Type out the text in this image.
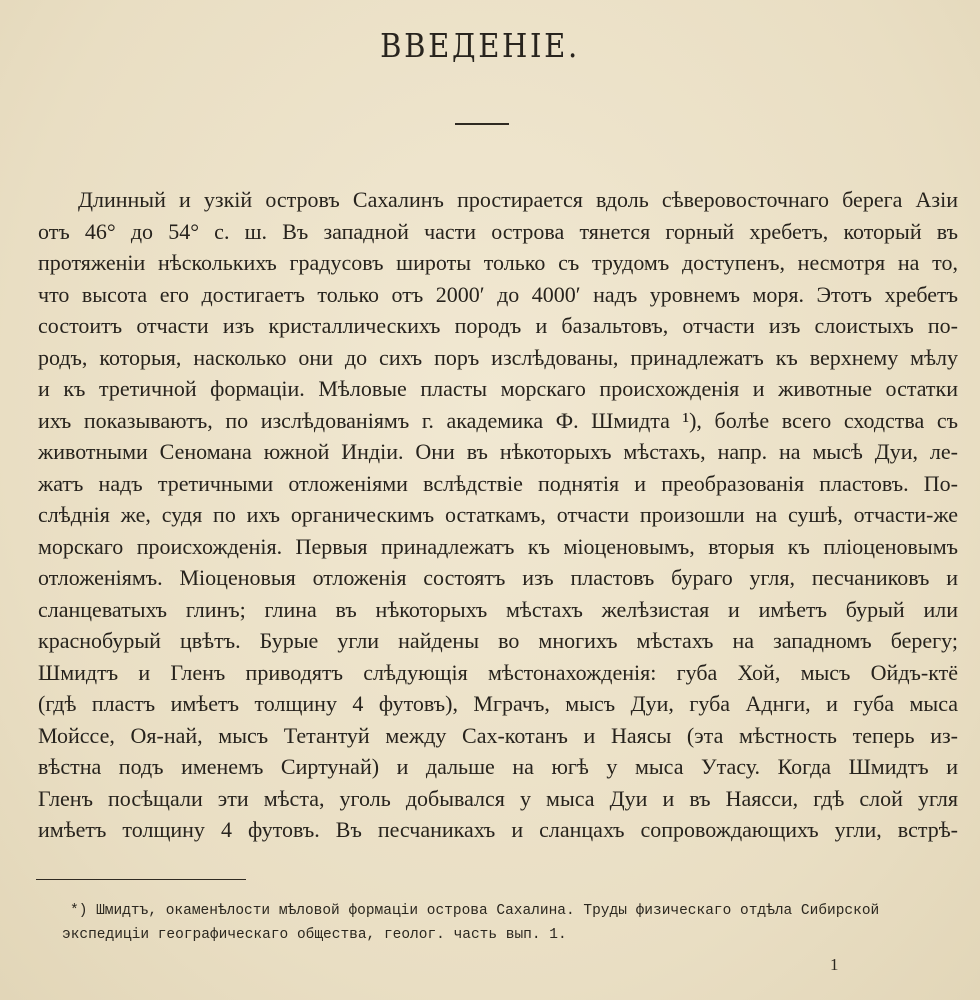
ВВЕДЕНІЕ.
Длинный и узкій островъ Сахалинъ простирается вдоль сѣверовосточнаго берега Азіи
отъ 46° до 54° с. ш. Въ западной части острова тянется горный хребетъ, который въ
протяженіи нѣсколькихъ градусовъ широты только съ трудомъ доступенъ, несмотря на то,
что высота его достигаетъ только отъ 2000′ до 4000′ надъ уровнемъ моря. Этотъ хребетъ
состоитъ отчасти изъ кристаллическихъ породъ и базальтовъ, отчасти изъ слоистыхъ по-
родъ, которыя, насколько они до сихъ поръ изслѣдованы, принадлежатъ къ верхнему мѣлу
и къ третичной формаціи. Мѣловые пласты морскаго происхожденія и животные остатки
ихъ показываютъ, по изслѣдованіямъ г. академика Ф. Шмидта ¹), болѣе всего сходства съ
животными Сеномана южной Индіи. Они въ нѣкоторыхъ мѣстахъ, напр. на мысѣ Дуи, ле-
жатъ надъ третичными отложеніями вслѣдствіе поднятія и преобразованія пластовъ. По-
слѣднія же, судя по ихъ органическимъ остаткамъ, отчасти произошли на сушѣ, отчасти-же
морскаго происхожденія. Первыя принадлежатъ къ міоценовымъ, вторыя къ пліоценовымъ
отложеніямъ. Міоценовыя отложенія состоятъ изъ пластовъ бураго угля, песчаниковъ и
сланцеватыхъ глинъ; глина въ нѣкоторыхъ мѣстахъ желѣзистая и имѣетъ бурый или
краснобурый цвѣтъ. Бурые угли найдены во многихъ мѣстахъ на западномъ берегу;
Шмидтъ и Гленъ приводятъ слѣдующія мѣстонахожденія: губа Хой, мысъ Ойдъ-ктё
(гдѣ пластъ имѣетъ толщину 4 футовъ), Мграчъ, мысъ Дуи, губа Аднги, и губа мыса
Мойссе, Оя-най, мысъ Тетантуй между Сах-котанъ и Наясы (эта мѣстность теперь из-
вѣстна подъ именемъ Сиртунай) и дальше на югѣ у мыса Утасу. Когда Шмидтъ и
Гленъ посѣщали эти мѣста, уголь добывался у мыса Дуи и въ Наясси, гдѣ слой угля
имѣетъ толщину 4 футовъ. Въ песчаникахъ и сланцахъ сопровождающихъ угли, встрѣ-
*) Шмидтъ, окаменѣлости мѣловой формаціи острова Сахалина. Труды физическаго отдѣла Сибирской
экспедиціи географическаго общества, геолог. часть вып. 1.
1
